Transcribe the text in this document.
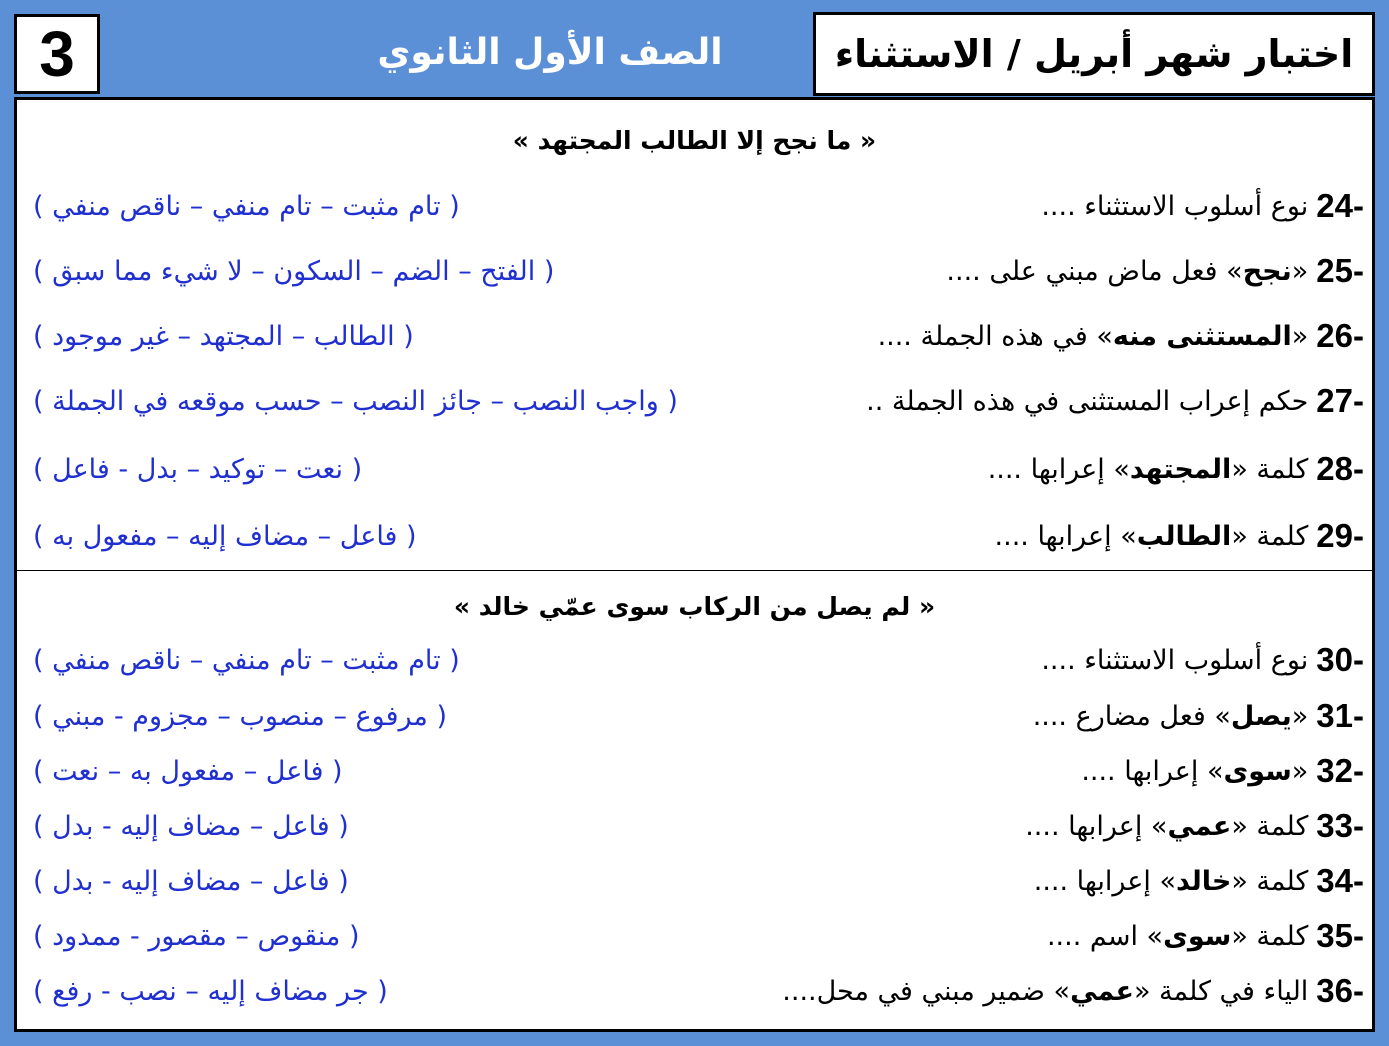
3	الصف الأول الثانوي	اختبار شهر أبريل / الاستثناء
« ما نجح إلا الطالب المجتهد »
24-
نوع أسلوب الاستثناء ....
( تام مثبت – تام منفي – ناقص منفي )
25-
«
نجح
» فعل ماض مبني على ....
( الفتح – الضم – السكون – لا شيء مما سبق )
26-
«
المستثنى منه
» في هذه الجملة ....
( الطالب – المجتهد – غير موجود )
27-
حكم إعراب المستثنى في هذه الجملة ..
( واجب النصب – جائز النصب – حسب موقعه في الجملة )
28-
كلمة «
المجتهد
» إعرابها ....
( نعت – توكيد – بدل - فاعل )
29-
كلمة «
الطالب
» إعرابها ....
( فاعل – مضاف إليه – مفعول به )
« لم يصل من الركاب سوى عمّي خالد »
30-
نوع أسلوب الاستثناء ....
( تام مثبت – تام منفي – ناقص منفي )
31-
«
يصل
» فعل مضارع ....
( مرفوع – منصوب – مجزوم - مبني )
32-
«
سوى
» إعرابها ....
( فاعل – مفعول به – نعت )
33-
كلمة «
عمي
» إعرابها ....
( فاعل – مضاف إليه - بدل )
34-
كلمة «
خالد
» إعرابها ....
( فاعل – مضاف إليه - بدل )
35-
كلمة «
سوى
» اسم ....
( منقوص – مقصور - ممدود )
36-
الياء في كلمة «
عمي
» ضمير مبني في محل....
( جر مضاف إليه – نصب - رفع )
